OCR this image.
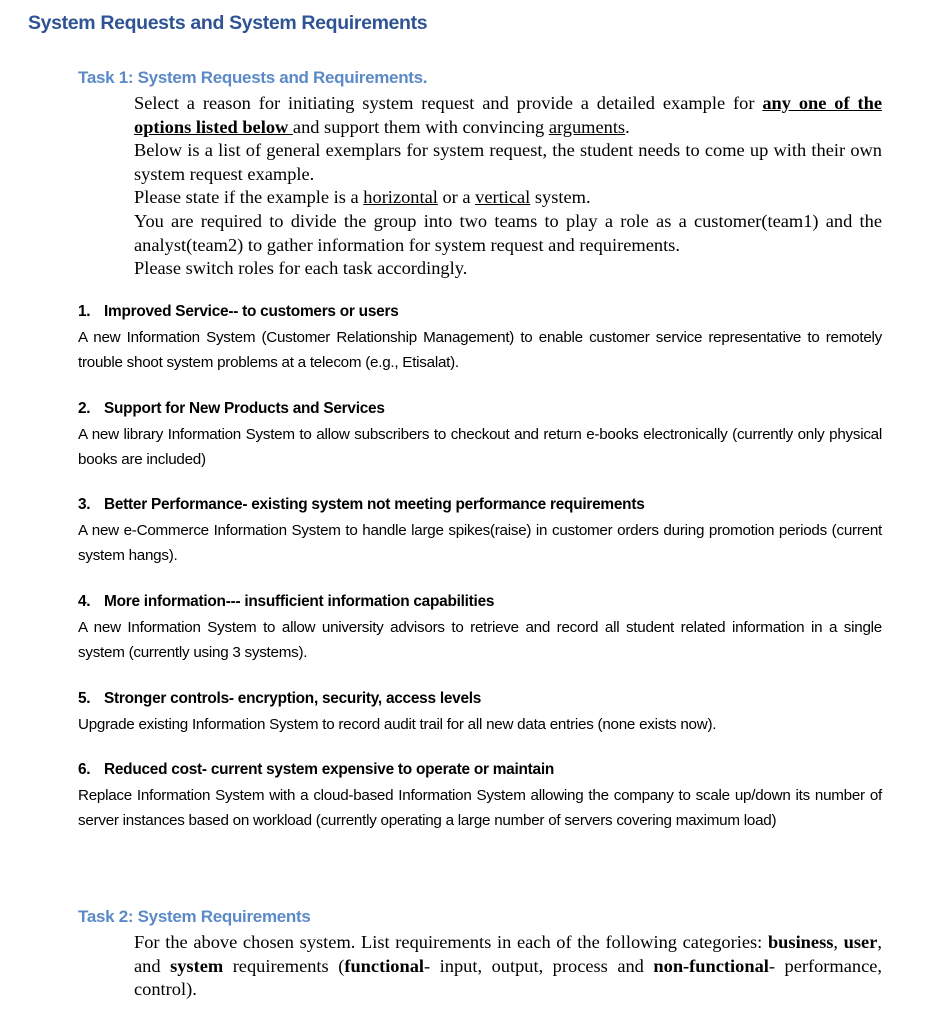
System Requests and System Requirements
Task 1: System Requests and Requirements.

Select a reason for initiating system request and provide a detailed example for any one of the options listed below and support them with convincing arguments.

Below is a list of general exemplars for system request, the student needs to come up with their own system request example.

Please state if the example is a horizontal or a vertical system.

You are required to divide the group into two teams to play a role as a customer(team1) and the analyst(team2) to gather information for system request and requirements.

Please switch roles for each task accordingly.

1. Improved Service-- to customers or users

A new Information System (Customer Relationship Management) to enable customer service representative to remotely trouble shoot system problems at a telecom (e.g., Etisalat).

2. Support for New Products and Services

A new library Information System to allow subscribers to checkout and return e-books electronically (currently only physical books are included)

3. Better Performance- existing system not meeting performance requirements

A new e-Commerce Information System to handle large spikes(raise) in customer orders during promotion periods (current system hangs).

4. More information--- insufficient information capabilities

A new Information System to allow university advisors to retrieve and record all student related information in a single system (currently using 3 systems).

5. Stronger controls- encryption, security, access levels

Upgrade existing Information System to record audit trail for all new data entries (none exists now).

6. Reduced cost- current system expensive to operate or maintain

Replace Information System with a cloud-based Information System allowing the company to scale up/down its number of server instances based on workload (currently operating a large number of servers covering maximum load)

Task 2: System Requirements

For the above chosen system. List requirements in each of the following categories: business, user, and system requirements (functional- input, output, process and non-functional- performance, control).
